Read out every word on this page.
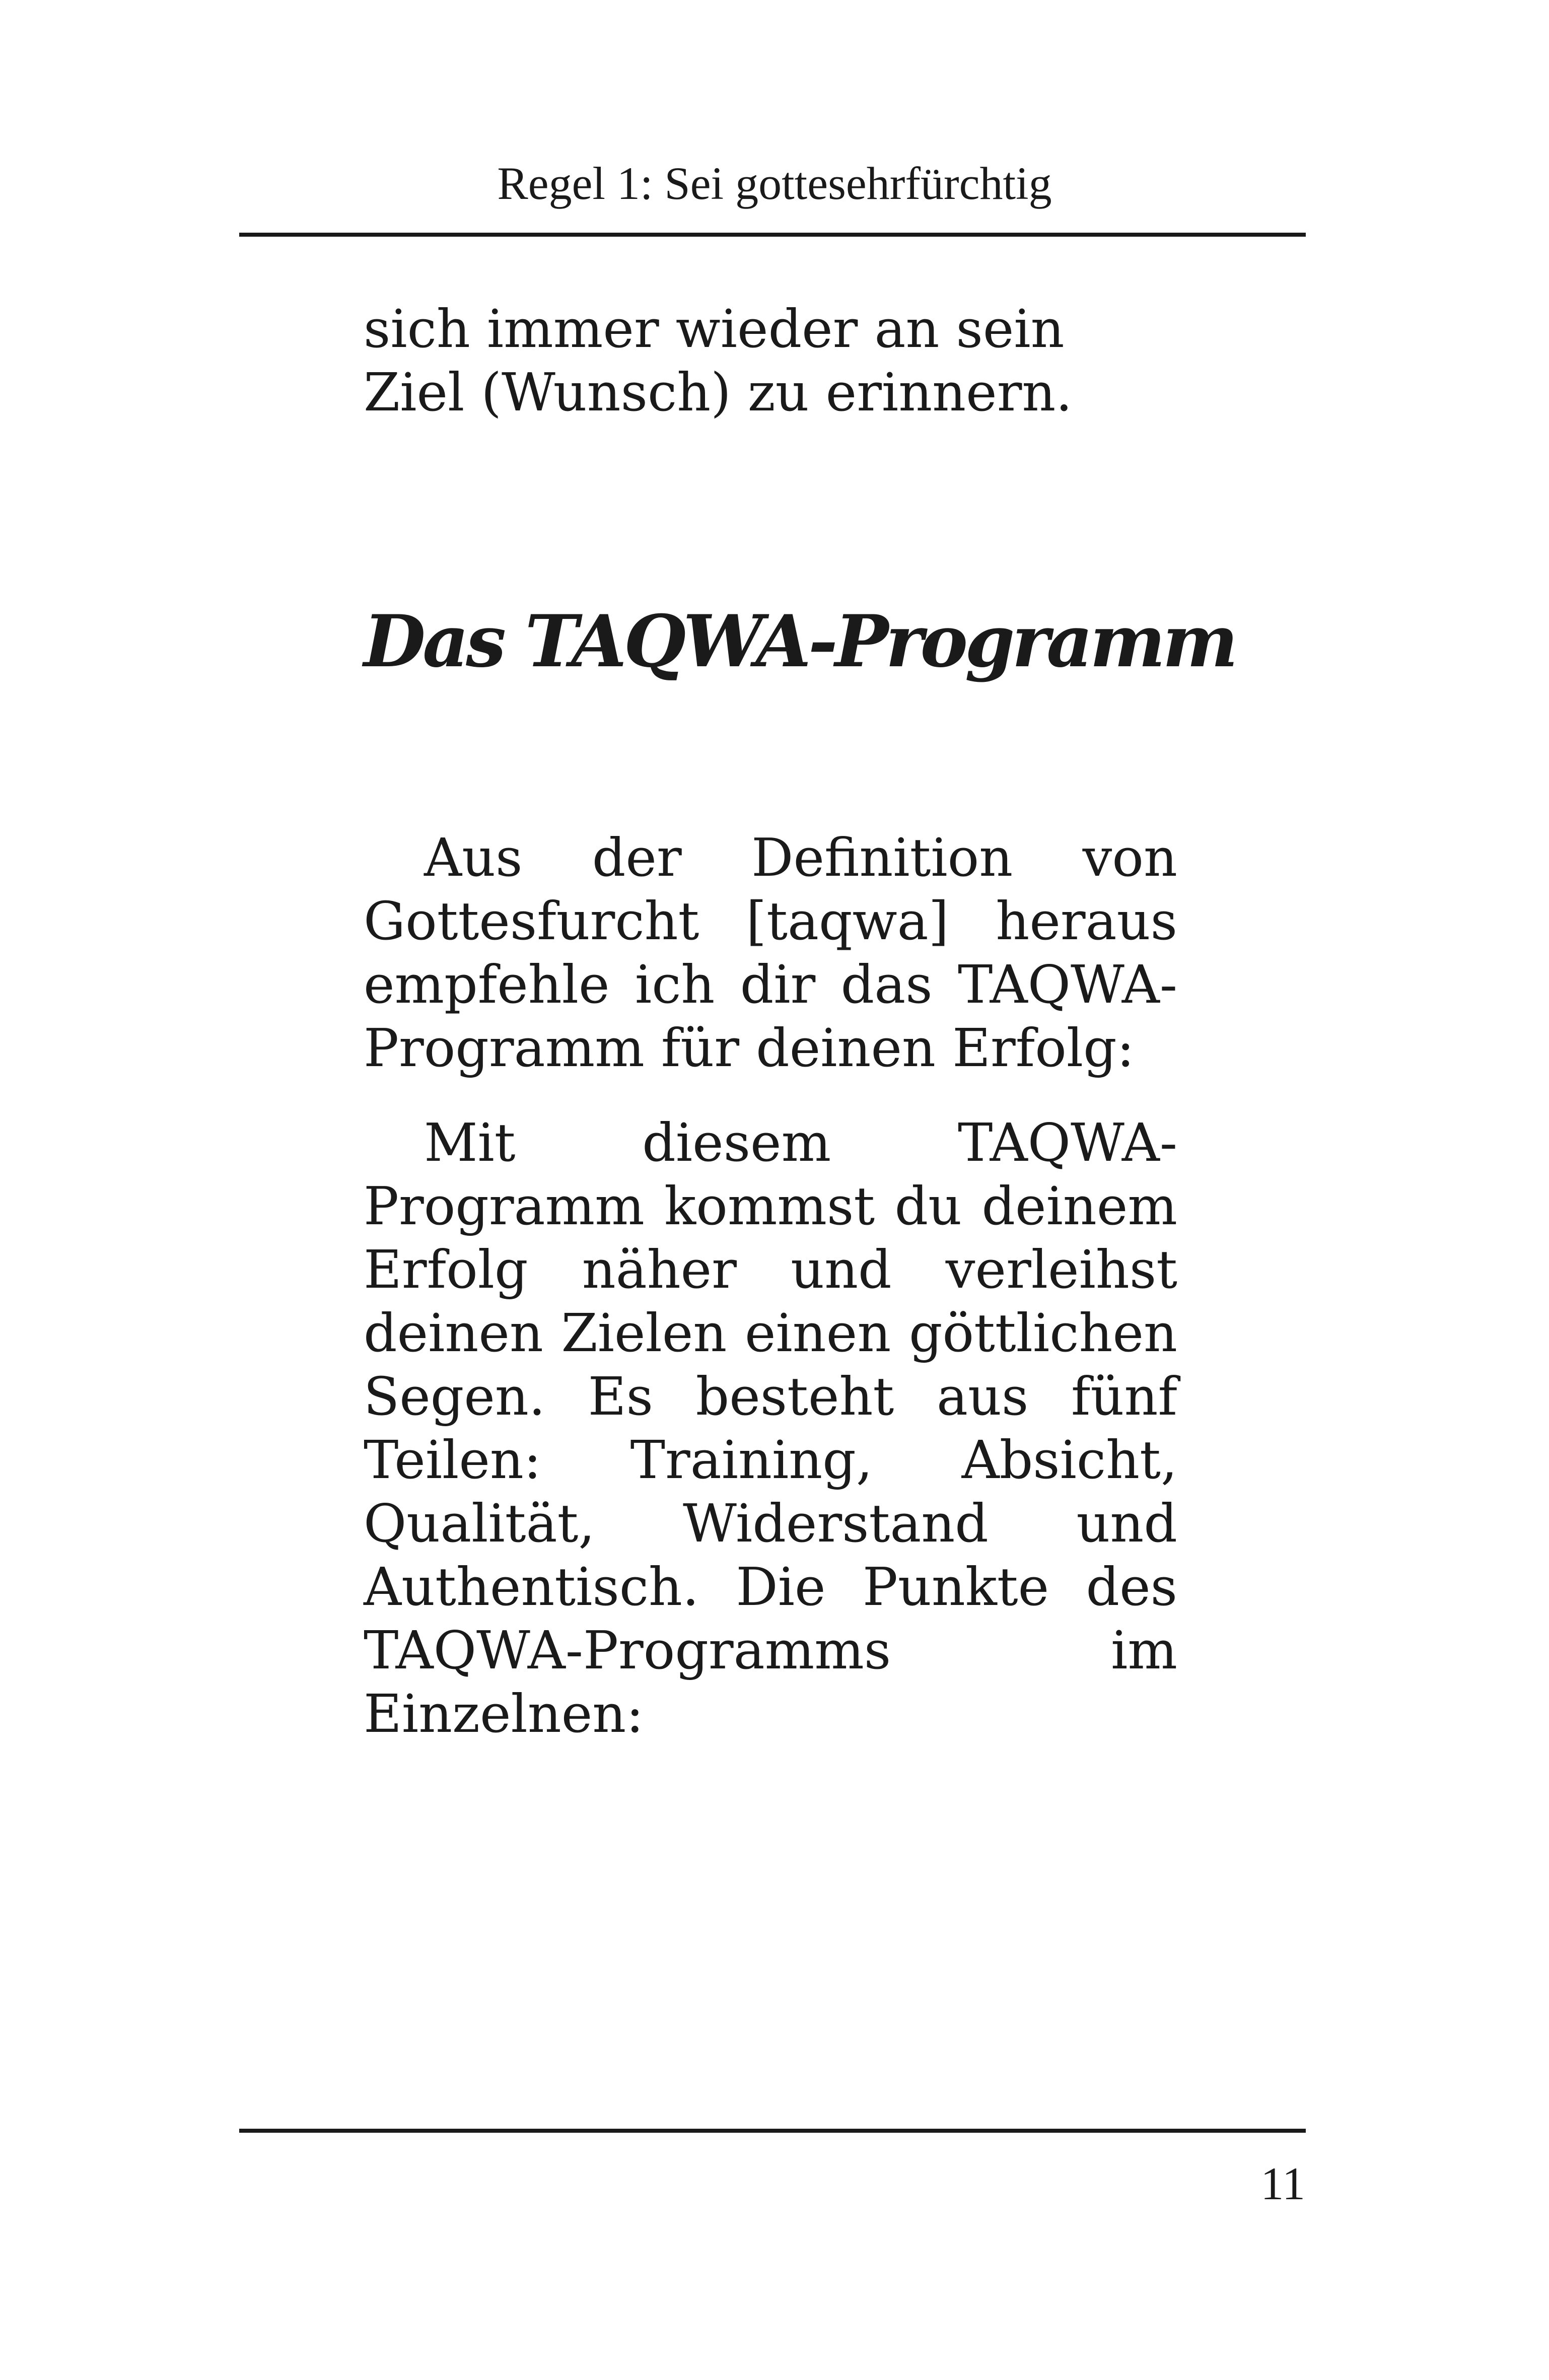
Regel 1: Sei gottesehrfürchtig
sich immer wieder an sein Ziel (Wunsch) zu erinnern.
Das TAQWA-Programm

Aus der Definition von Gottesfurcht [taqwa] heraus empfehle ich dir das TAQWA-Programm für deinen Erfolg:

Mit diesem TAQWA-Programm kommst du deinem Erfolg näher und verleihst deinen Zielen einen göttlichen Segen. Es besteht aus fünf Teilen: Training, Absicht, Qualität, Widerstand und Authentisch. Die Punkte des TAQWA-Programms im Einzelnen:

11
